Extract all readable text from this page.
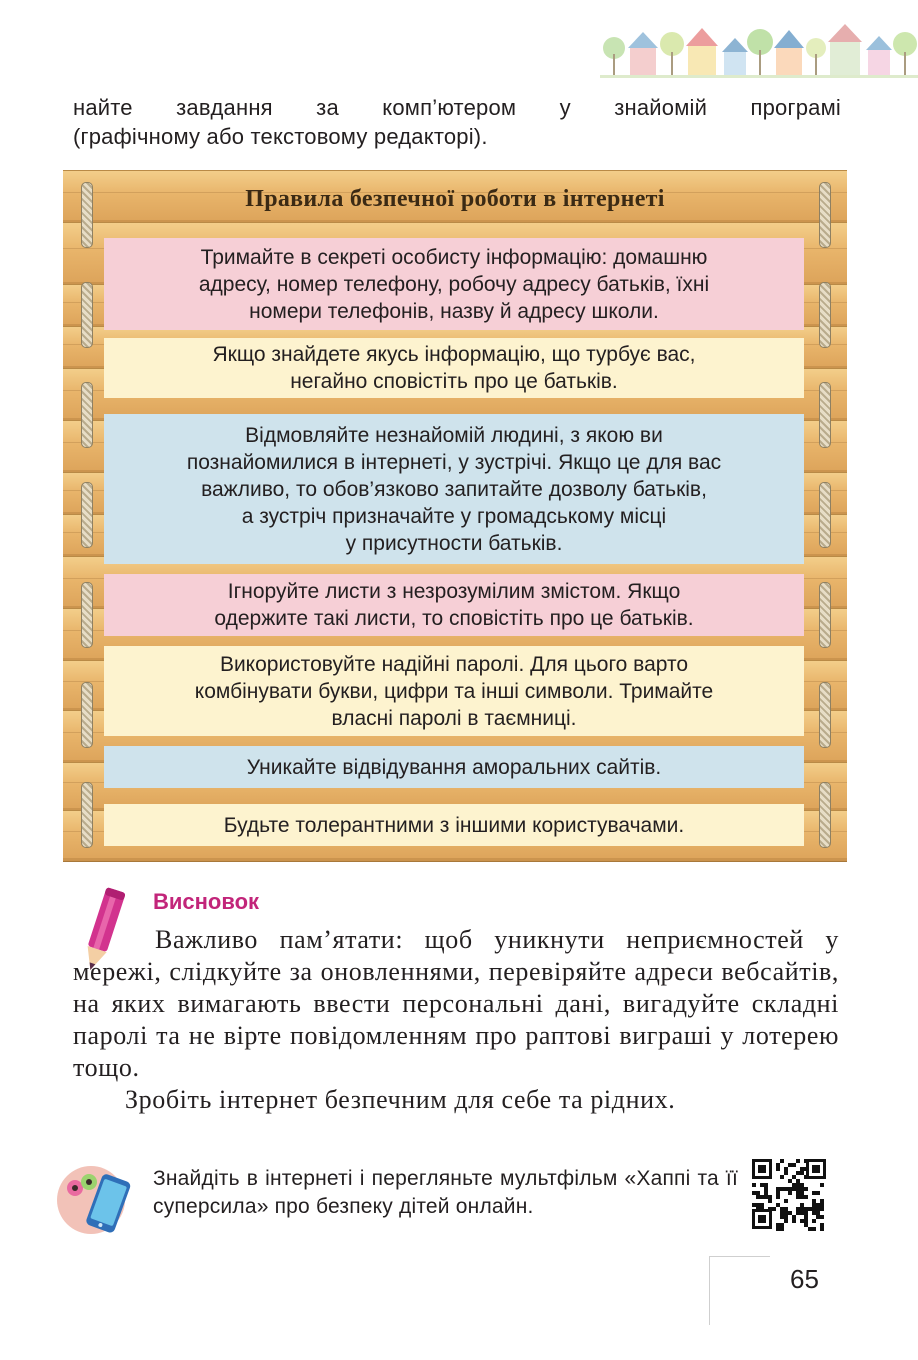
найте завдання за комп’ютером у знайомій програмі
(графічному або текстовому редакторі).
Правила безпечної роботи в інтернеті
Тримайте в секреті особисту інформацію: домашню
адресу, номер телефону, робочу адресу батьків, їхні
номери телефонів, назву й адресу школи.
Якщо знайдете якусь інформацію, що турбує вас,
негайно сповістіть про це батьків.
Відмовляйте незнайомій людині, з якою ви
познайомилися в інтернеті, у зустрічі. Якщо це для вас
важливо, то обов’язково запитайте дозволу батьків,
а зустріч призначайте у громадському місці
у присутности батьків.
Ігноруйте листи з незрозумілим змістом. Якщо
одержите такі листи, то сповістіть про це батьків.
Використовуйте надійні паролі. Для цього варто
комбінувати букви, цифри та інші символи. Тримайте
власні паролі в таємниці.
Уникайте відвідування аморальних сайтів.
Будьте толерантними з іншими користувачами.
Висновок

Важливо пам’ятати: щоб уникнути неприємностей у мережі, слідкуйте за оновленнями, перевіряйте адреси вебсайтів, на яких вимагають ввести персональні дані, вигадуйте складні паролі та не вірте повідомленням про раптові виграші у лотерею тощо.

Зробіть інтернет безпечним для себе та рідних.

Знайдіть в інтернеті і перегляньте мультфільм «Хаппі та її суперсила» про безпеку дітей онлайн.
65
